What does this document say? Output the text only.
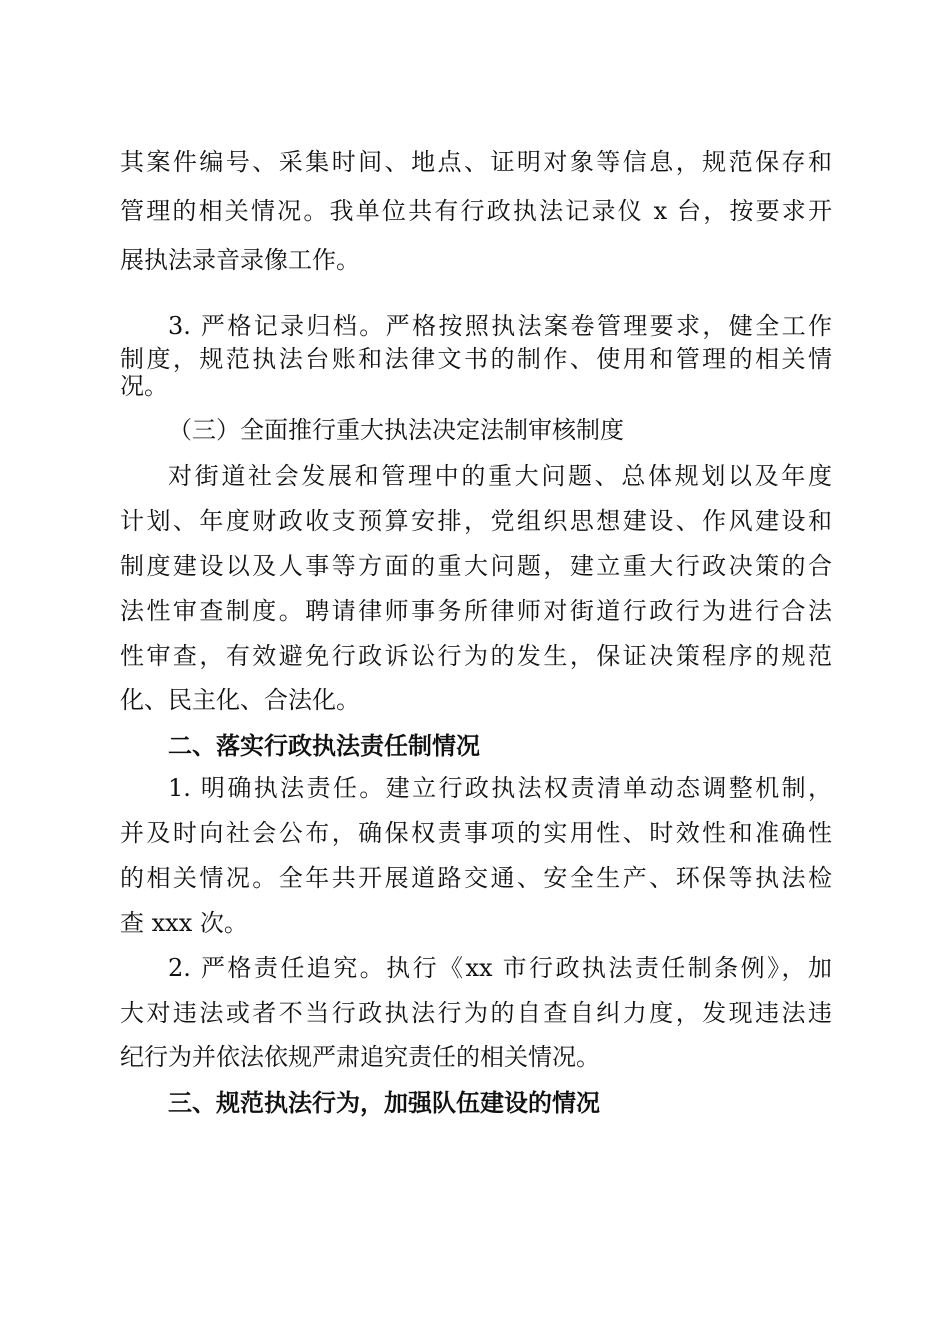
其案件编号、采集时间、地点、证明对象等信息，规范保存和

管理的相关情况。我单位共有行政执法记录仪 x 台，按要求开

展执法录音录像工作。

3. 严格记录归档。严格按照执法案卷管理要求，健全工作

制度，规范执法台账和法律文书的制作、使用和管理的相关情

况。

（三）全面推行重大执法决定法制审核制度

对街道社会发展和管理中的重大问题、总体规划以及年度

计划、年度财政收支预算安排，党组织思想建设、作风建设和

制度建设以及人事等方面的重大问题，建立重大行政决策的合

法性审查制度。聘请律师事务所律师对街道行政行为进行合法

性审查，有效避免行政诉讼行为的发生，保证决策程序的规范

化、民主化、合法化。

二、落实行政执法责任制情况

1. 明确执法责任。建立行政执法权责清单动态调整机制，

并及时向社会公布，确保权责事项的实用性、时效性和准确性

的相关情况。全年共开展道路交通、安全生产、环保等执法检

查 xxx 次。

2. 严格责任追究。执行《xx 市行政执法责任制条例》，加

大对违法或者不当行政执法行为的自查自纠力度，发现违法违

纪行为并依法依规严肃追究责任的相关情况。

三、规范执法行为，加强队伍建设的情况
